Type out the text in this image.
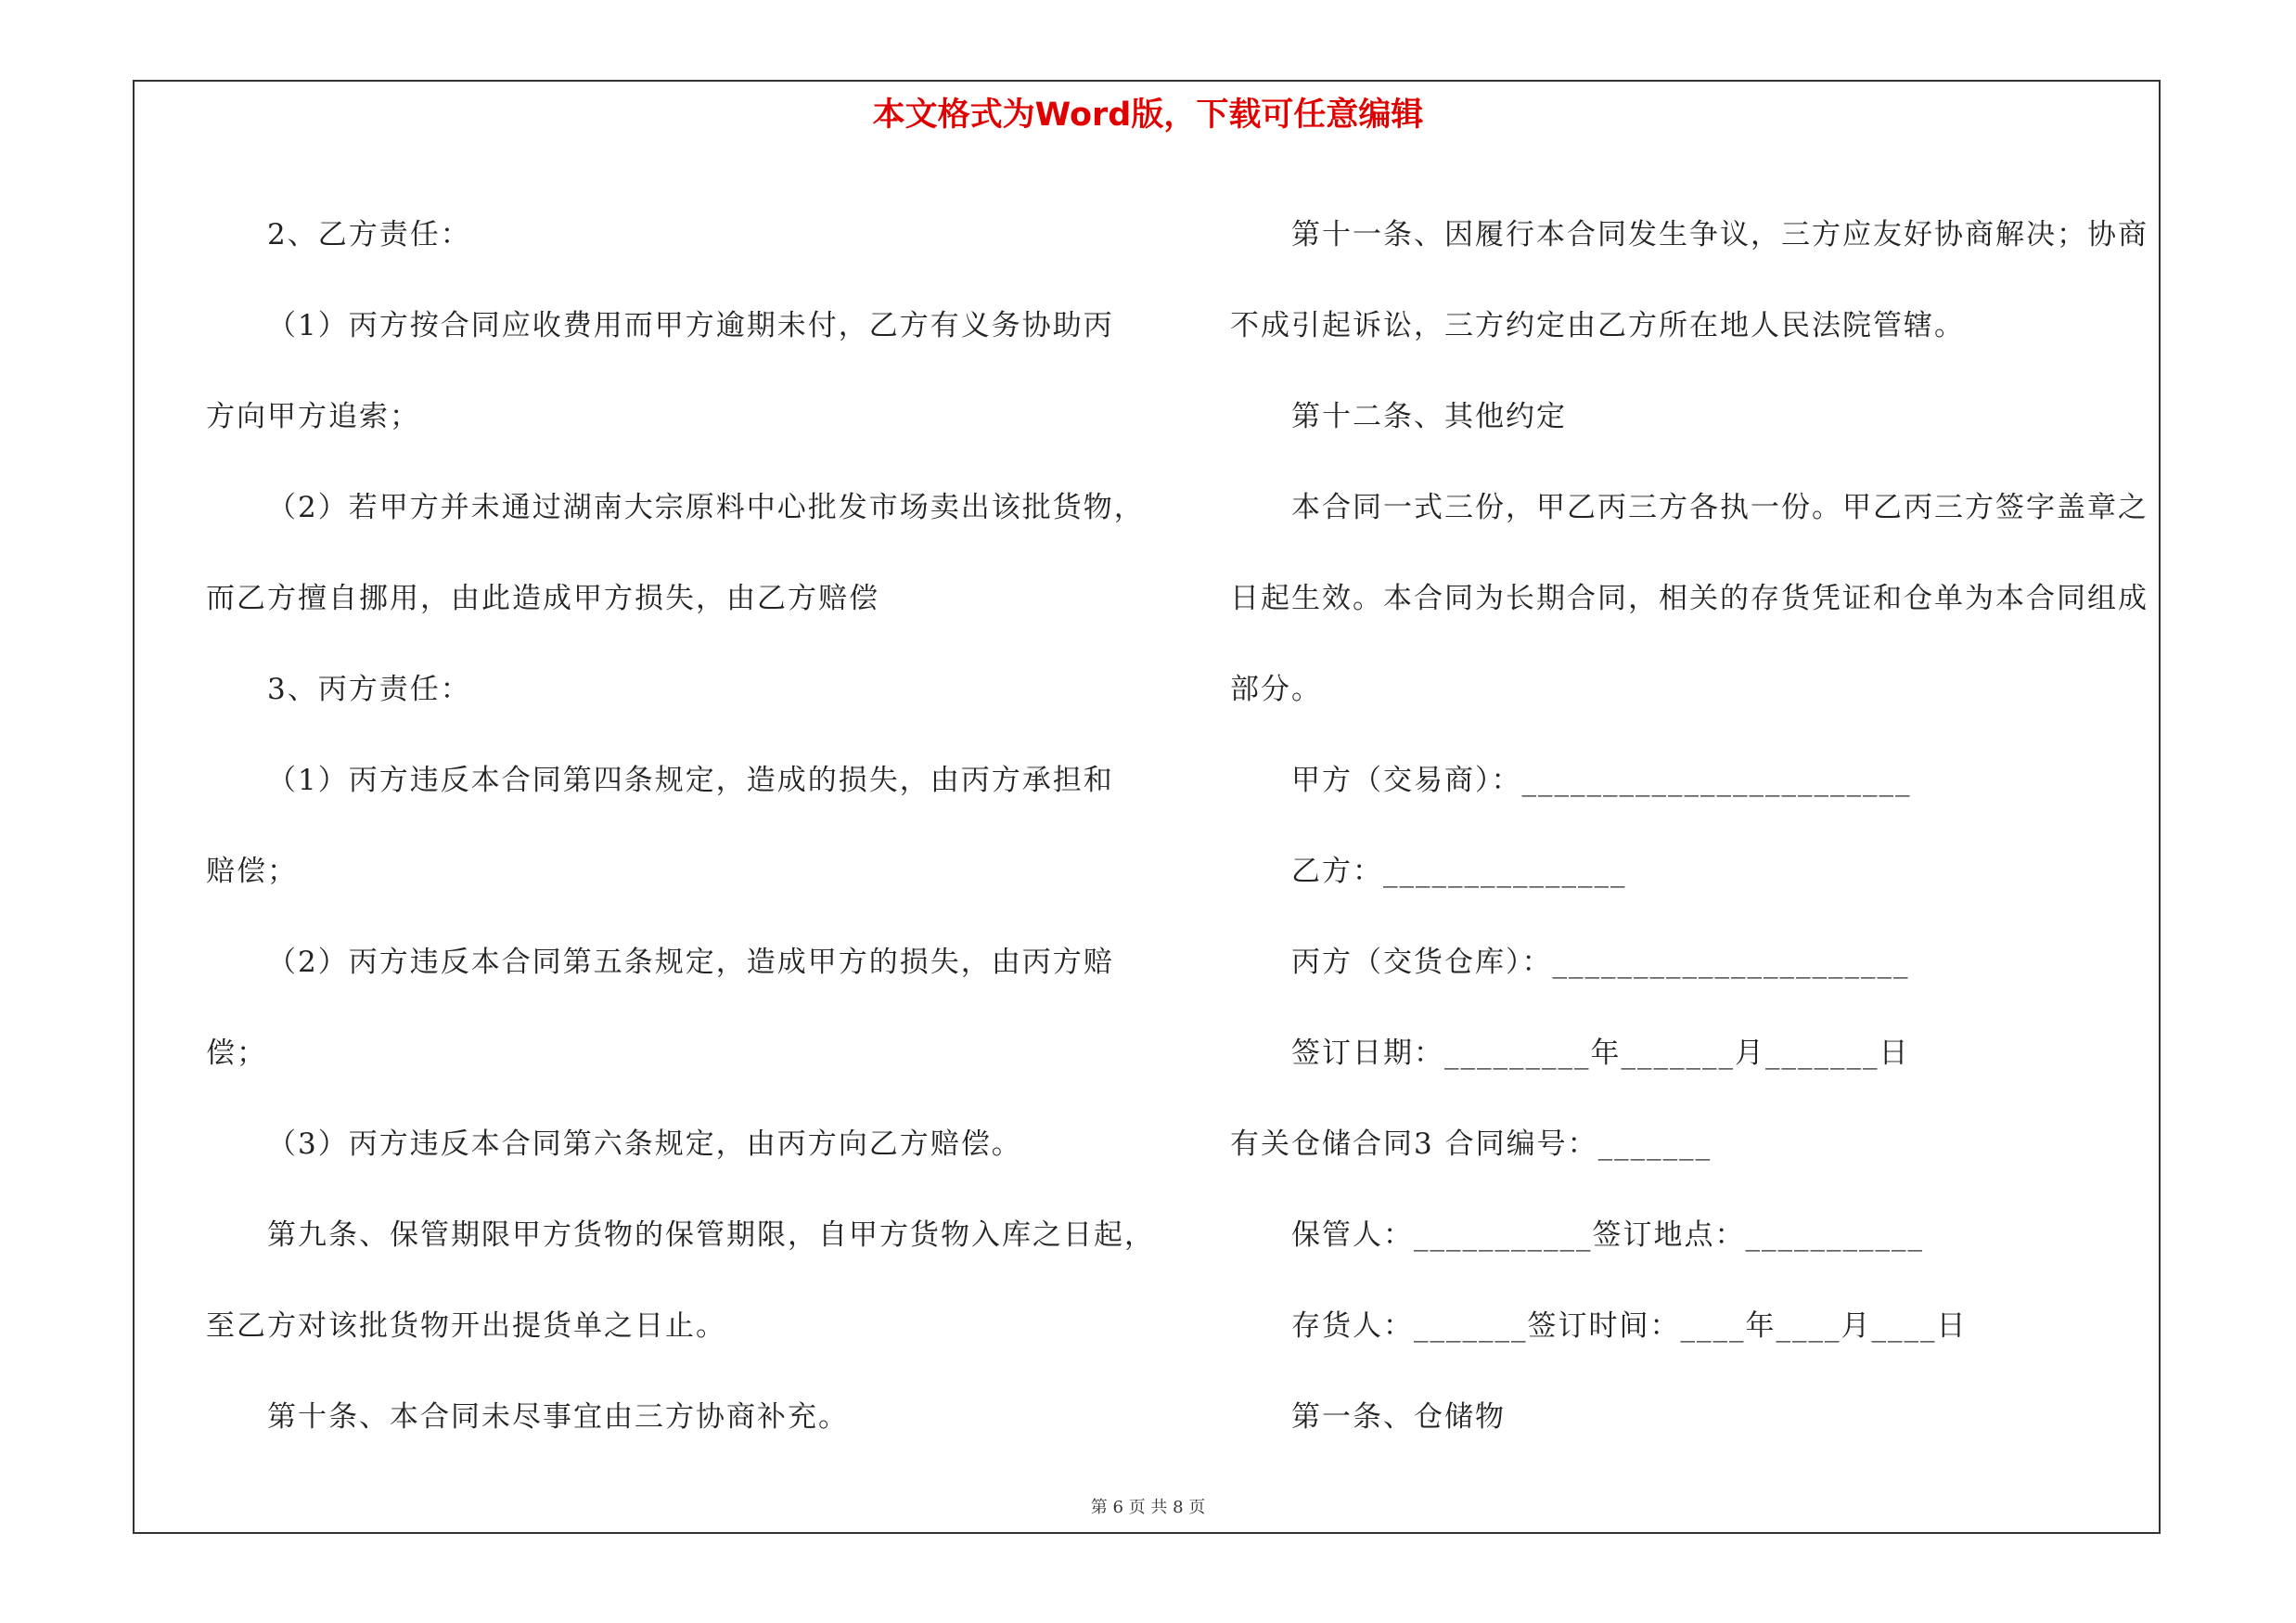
本文格式为Word版，下载可任意编辑
2、乙方责任：
（1）丙方按合同应收费用而甲方逾期未付，乙方有义务协助丙
方向甲方追索；
（2）若甲方并未通过湖南大宗原料中心批发市场卖出该批货物，
而乙方擅自挪用，由此造成甲方损失，由乙方赔偿
3、丙方责任：
（1）丙方违反本合同第四条规定，造成的损失，由丙方承担和
赔偿；
（2）丙方违反本合同第五条规定，造成甲方的损失，由丙方赔
偿；
（3）丙方违反本合同第六条规定，由丙方向乙方赔偿。
第九条、保管期限甲方货物的保管期限，自甲方货物入库之日起，
至乙方对该批货物开出提货单之日止。
第十条、本合同未尽事宜由三方协商补充。
第十一条、因履行本合同发生争议，三方应友好协商解决；协商
不成引起诉讼，三方约定由乙方所在地人民法院管辖。
第十二条、其他约定
本合同一式三份，甲乙丙三方各执一份。甲乙丙三方签字盖章之
日起生效。本合同为长期合同，相关的存货凭证和仓单为本合同组成
部分。
甲方（交易商）：________________________
乙方：_______________
丙方（交货仓库）：______________________
签订日期：_________年_______月_______日
有关仓储合同3 合同编号：_______
保管人：___________签订地点：___________
存货人：_______签订时间：____年____月____日
第一条、仓储物
第 6 页 共 8 页
